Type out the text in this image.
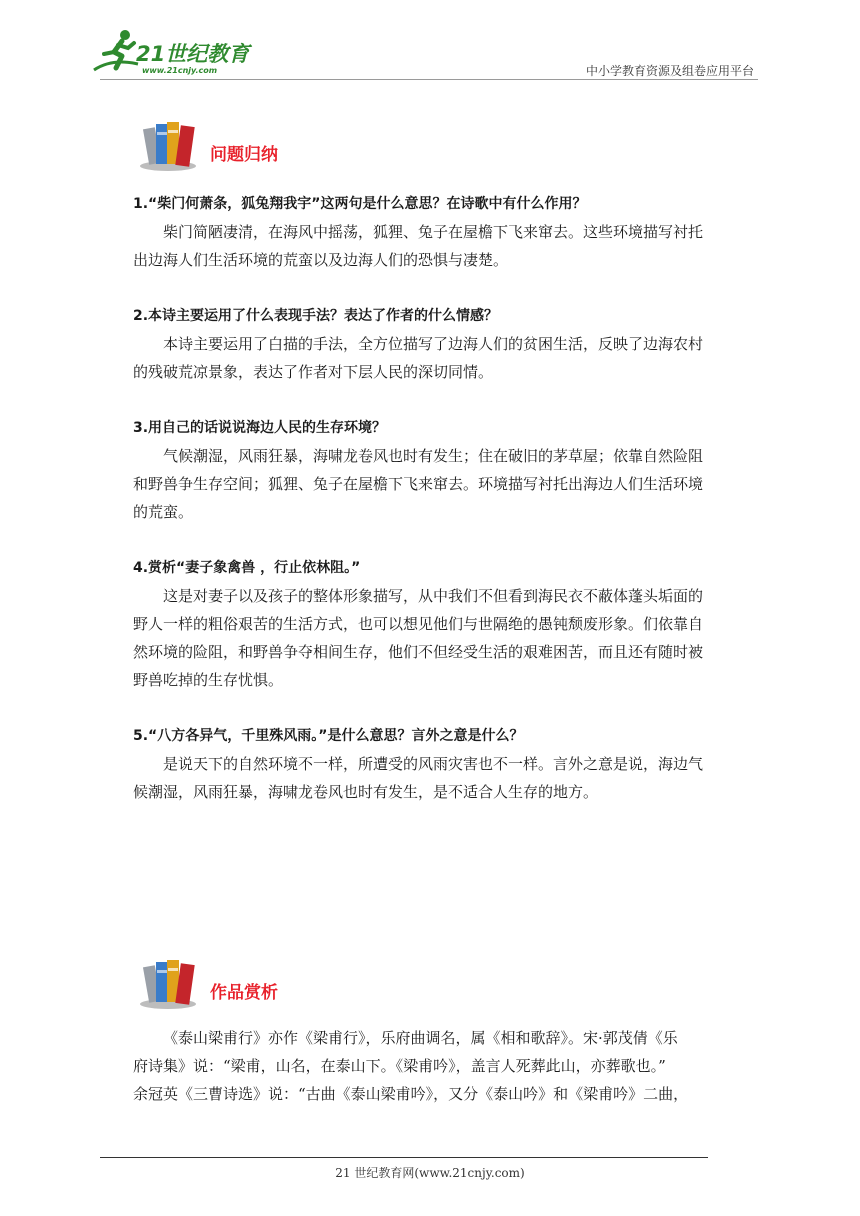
21世纪教育
www.21cnjy.com	中小学教育资源及组卷应用平台
问题归纳

1.“柴门何萧条，狐兔翔我宇”这两句是什么意思？在诗歌中有什么作用？

柴门简陋凄清，在海风中摇荡，狐狸、兔子在屋檐下飞来窜去。这些环境描写衬托

出边海人们生活环境的荒蛮以及边海人们的恐惧与凄楚。

2.本诗主要运用了什么表现手法？表达了作者的什么情感？

本诗主要运用了白描的手法，全方位描写了边海人们的贫困生活，反映了边海农村

的残破荒凉景象，表达了作者对下层人民的深切同情。

3.用自己的话说说海边人民的生存环境？

气候潮湿，风雨狂暴，海啸龙卷风也时有发生；住在破旧的茅草屋；依靠自然险阻

和野兽争生存空间；狐狸、兔子在屋檐下飞来窜去。环境描写衬托出海边人们生活环境

的荒蛮。

4.赏析“妻子象禽兽 ，行止依林阻。”

这是对妻子以及孩子的整体形象描写，从中我们不但看到海民衣不蔽体蓬头垢面的

野人一样的粗俗艰苦的生活方式，也可以想见他们与世隔绝的愚钝颓废形象。们依靠自

然环境的险阻，和野兽争夺相间生存，他们不但经受生活的艰难困苦，而且还有随时被

野兽吃掉的生存忧惧。

5.“八方各异气，千里殊风雨。”是什么意思？言外之意是什么？

是说天下的自然环境不一样，所遭受的风雨灾害也不一样。言外之意是说，海边气

候潮湿，风雨狂暴，海啸龙卷风也时有发生，是不适合人生存的地方。

作品赏析

《泰山梁甫行》亦作《梁甫行》，乐府曲调名，属《相和歌辞》。宋·郭茂倩《乐

府诗集》说：“梁甫，山名，在泰山下。《梁甫吟》，盖言人死葬此山，亦葬歌也。”

余冠英《三曹诗选》说：“古曲《泰山梁甫吟》，又分《泰山吟》和《梁甫吟》二曲，

21 世纪教育网(www.21cnjy.com)
